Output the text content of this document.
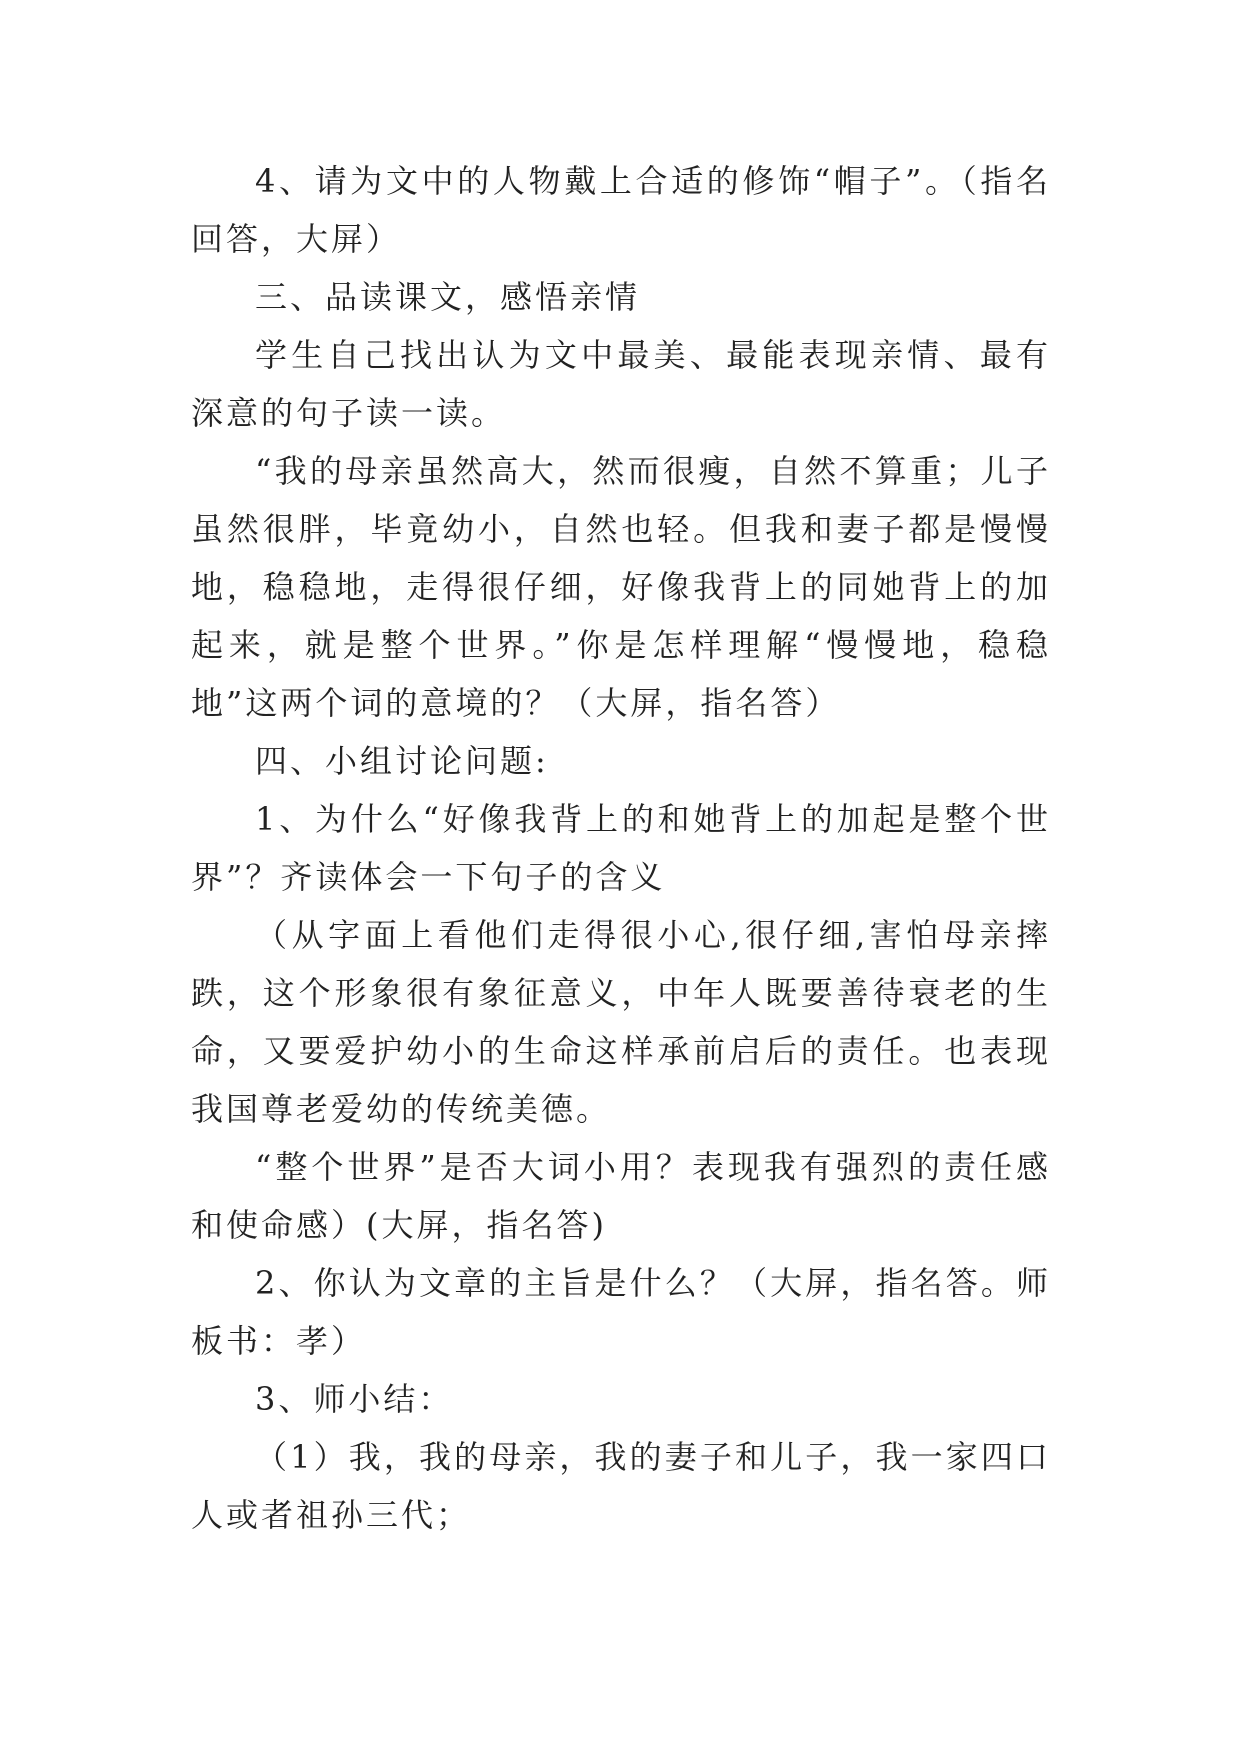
4、请为文中的人物戴上合适的修饰“帽子”。（指名回答，大屏）

三、品读课文，感悟亲情

学生自己找出认为文中最美、最能表现亲情、最有深意的句子读一读。

“我的母亲虽然高大，然而很瘦，自然不算重；儿子虽然很胖，毕竟幼小，自然也轻。但我和妻子都是慢慢地，稳稳地，走得很仔细，好像我背上的同她背上的加起来，就是整个世界。”你是怎样理解“慢慢地，稳稳地”这两个词的意境的？（大屏，指名答）

四、小组讨论问题:

1、为什么“好像我背上的和她背上的加起是整个世界”？齐读体会一下句子的含义

（从字面上看他们走得很小心,很仔细,害怕母亲摔跌，这个形象很有象征意义，中年人既要善待衰老的生命，又要爱护幼小的生命这样承前启后的责任。也表现我国尊老爱幼的传统美德。

“整个世界”是否大词小用？表现我有强烈的责任感和使命感）(大屏，指名答)

2、你认为文章的主旨是什么？（大屏，指名答。师板书：孝）

3、师小结：

（1）我，我的母亲，我的妻子和儿子，我一家四口人或者祖孙三代；
